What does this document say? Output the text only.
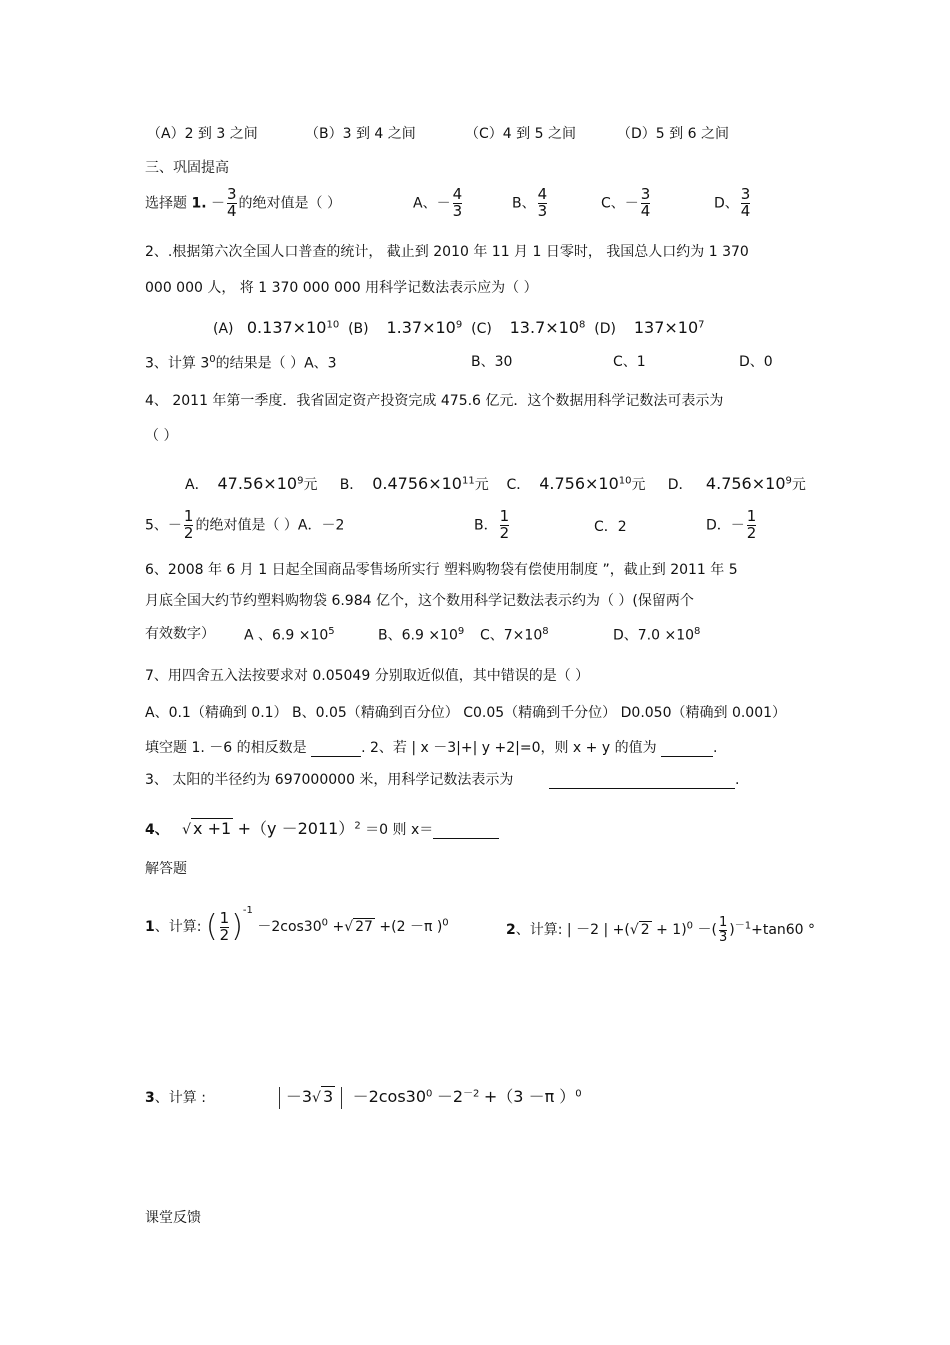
（A）2 到 3 之间	（B）3 到 4 之间	（C）4 到 5 之间	（D）5 到 6 之间
三、巩固提高
选择题 1. － $\frac{3}{4}$ 的绝对值是（ ）	A、－ $\frac{4}{3}$	B、 $\frac{4}{3}$	C、－ $\frac{3}{4}$	D、 $\frac{3}{4}$
2、.根据第六次全国人口普查的统计， 截止到 2010 年 11 月 1 日零时， 我国总人口约为 1 370
000 000 人， 将 1 370 000 000 用科学记数法表示应为（ ）
(A) $0.137\times 10^{10}$ (B) $1.37\times 10^9$ (C) $13.7\times 10^8$ (D) $137\times 10^7$
3、计算 $3^0$的结果是（ ）A、3	B、30	C、1	D、0
4、 2011 年第一季度．我省固定资产投资完成 475.6 亿元．这个数据用科学记数法可表示为
（ ）
A． $47.56\times 10^9$元 B． $0.4756\times 10^{11}$元 C． $4.756\times 10^{10}$元 D． $4.756\times 10^9$元
5、－ $\frac{1}{2}$ 的绝对值是（ ）A．－2	B． $\frac{1}{2}$	C．2	D．－ $\frac{1}{2}$
6、2008 年 6 月 1 日起全国商品零售场所实行 塑料购物袋有偿使用制度 ”，截止到 2011 年 5
月底全国大约节约塑料购物袋 6.984 亿个，这个数用科学记数法表示约为（ ）(保留两个
有效数字） A 、$6.9 \times 10^5$	B、$6.9 \times 10^9$ C、$7\times 10^8$	D、$7.0 \times 10^8$
7、用四舍五入法按要求对 0.05049 分别取近似值，其中错误的是（ ）
A、0.1（精确到 0.1） B、0.05（精确到百分位） C0.05（精确到千分位） D0.050（精确到 0.001）
填空题 1. －6 的相反数是	. 2、若 | x －3|+| y +2|=0，则 x + y 的值为	.
3、 太阳的半径约为 697000000 米，用科学记数法表示为	.
4、 √ $x +1 +(y -2011)^2 =0$ 则 x＝
解答题
1、计算: ( $\frac{1}{2} )^{-1} -2\cos 30^0$ +√ 27 +(2 －π )$^0$	2、计算: | －2 | +(√ 2 + 1)$^0$ －( $\frac{1}{3} )^{-1}+\tan 60$ °
3、计算 :	－3√ $3 -2\cos 30^0 -2^{-2} +(3 -\pi$ ）$^0$
课堂反馈
